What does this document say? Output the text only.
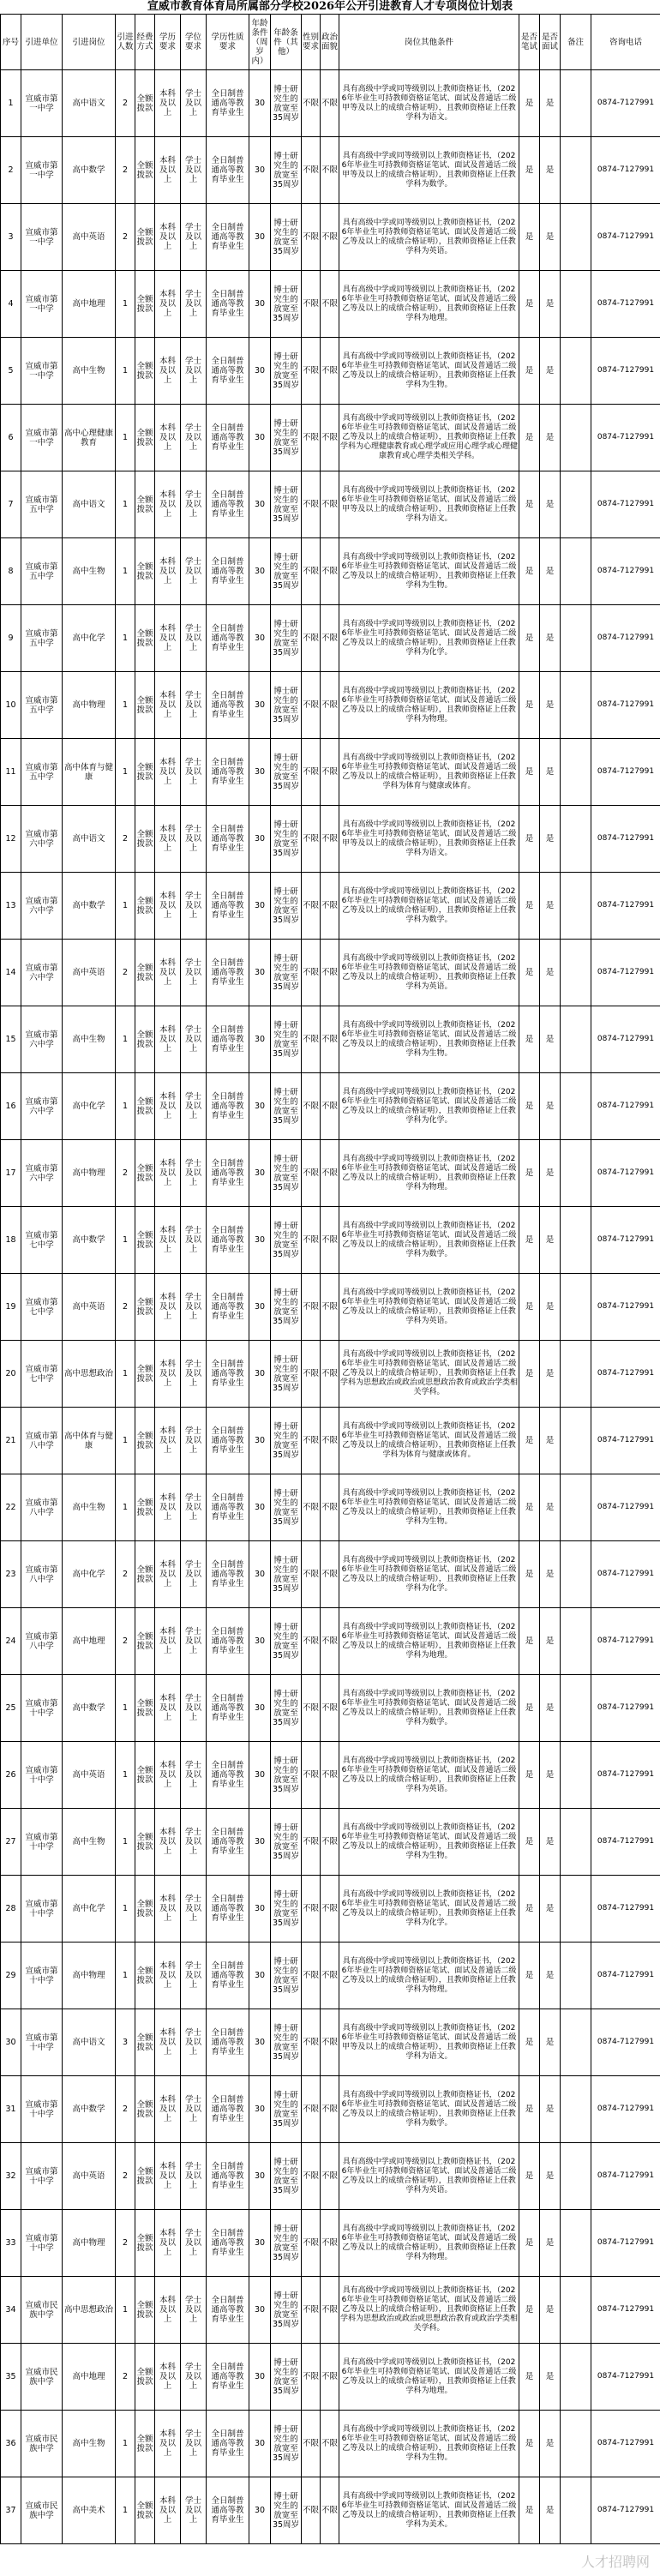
宣威市教育体育局所属部分学校2026年公开引进教育人才专项岗位计划表
序号	引进单位	引进岗位	引进人数	经费方式	学历要求	学位要求	学历性质要求	年龄条件（周岁内）	年龄条件（其他）	性别要求	政治面貌	岗位其他条件	是否笔试	是否面试	备注	咨询电话
1	宣威市第一中学	高中语文	2	全额拨款	本科及以上	学士及以上	全日制普通高等教育毕业生	30	博士研究生的放宽至35周岁	不限	不限	具有高级中学或同等级别以上教师资格证书，（2026年毕业生可持教师资格证笔试、面试及普通话二级甲等及以上的成绩合格证明），且教师资格证上任教学科为语文。	是	是		0874-7127991
2	宣威市第一中学	高中数学	2	全额拨款	本科及以上	学士及以上	全日制普通高等教育毕业生	30	博士研究生的放宽至35周岁	不限	不限	具有高级中学或同等级别以上教师资格证书，（2026年毕业生可持教师资格证笔试、面试及普通话二级甲等及以上的成绩合格证明），且教师资格证上任教学科为数学。	是	是		0874-7127991
3	宣威市第一中学	高中英语	2	全额拨款	本科及以上	学士及以上	全日制普通高等教育毕业生	30	博士研究生的放宽至35周岁	不限	不限	具有高级中学或同等级别以上教师资格证书，（2026年毕业生可持教师资格证笔试、面试及普通话二级乙等及以上的成绩合格证明），且教师资格证上任教学科为英语。	是	是		0874-7127991
4	宣威市第一中学	高中地理	1	全额拨款	本科及以上	学士及以上	全日制普通高等教育毕业生	30	博士研究生的放宽至35周岁	不限	不限	具有高级中学或同等级别以上教师资格证书，（2026年毕业生可持教师资格证笔试、面试及普通话二级乙等及以上的成绩合格证明），且教师资格证上任教学科为地理。	是	是		0874-7127991
5	宣威市第一中学	高中生物	1	全额拨款	本科及以上	学士及以上	全日制普通高等教育毕业生	30	博士研究生的放宽至35周岁	不限	不限	具有高级中学或同等级别以上教师资格证书，（2026年毕业生可持教师资格证笔试、面试及普通话二级乙等及以上的成绩合格证明），且教师资格证上任教学科为生物。	是	是		0874-7127991
6	宣威市第一中学	高中心理健康教育	1	全额拨款	本科及以上	学士及以上	全日制普通高等教育毕业生	30	博士研究生的放宽至35周岁	不限	不限	具有高级中学或同等级别以上教师资格证书，（2026年毕业生可持教师资格证笔试、面试及普通话二级乙等及以上的成绩合格证明），且教师资格证上任教学科为心理健康教育或心理学或应用心理学或心理健康教育或心理学类相关学科。	是	是		0874-7127991
7	宣威市第五中学	高中语文	1	全额拨款	本科及以上	学士及以上	全日制普通高等教育毕业生	30	博士研究生的放宽至35周岁	不限	不限	具有高级中学或同等级别以上教师资格证书，（2026年毕业生可持教师资格证笔试、面试及普通话二级甲等及以上的成绩合格证明），且教师资格证上任教学科为语文。	是	是		0874-7127991
8	宣威市第五中学	高中生物	1	全额拨款	本科及以上	学士及以上	全日制普通高等教育毕业生	30	博士研究生的放宽至35周岁	不限	不限	具有高级中学或同等级别以上教师资格证书，（2026年毕业生可持教师资格证笔试、面试及普通话二级乙等及以上的成绩合格证明），且教师资格证上任教学科为生物。	是	是		0874-7127991
9	宣威市第五中学	高中化学	1	全额拨款	本科及以上	学士及以上	全日制普通高等教育毕业生	30	博士研究生的放宽至35周岁	不限	不限	具有高级中学或同等级别以上教师资格证书，（2026年毕业生可持教师资格证笔试、面试及普通话二级乙等及以上的成绩合格证明），且教师资格证上任教学科为化学。	是	是		0874-7127991
10	宣威市第五中学	高中物理	1	全额拨款	本科及以上	学士及以上	全日制普通高等教育毕业生	30	博士研究生的放宽至35周岁	不限	不限	具有高级中学或同等级别以上教师资格证书，（2026年毕业生可持教师资格证笔试、面试及普通话二级乙等及以上的成绩合格证明），且教师资格证上任教学科为物理。	是	是		0874-7127991
11	宣威市第五中学	高中体育与健康	1	全额拨款	本科及以上	学士及以上	全日制普通高等教育毕业生	30	博士研究生的放宽至35周岁	不限	不限	具有高级中学或同等级别以上教师资格证书，（2026年毕业生可持教师资格证笔试、面试及普通话二级乙等及以上的成绩合格证明），且教师资格证上任教学科为体育与健康或体育。	是	是		0874-7127991
12	宣威市第六中学	高中语文	2	全额拨款	本科及以上	学士及以上	全日制普通高等教育毕业生	30	博士研究生的放宽至35周岁	不限	不限	具有高级中学或同等级别以上教师资格证书，（2026年毕业生可持教师资格证笔试、面试及普通话二级甲等及以上的成绩合格证明），且教师资格证上任教学科为语文。	是	是		0874-7127991
13	宣威市第六中学	高中数学	1	全额拨款	本科及以上	学士及以上	全日制普通高等教育毕业生	30	博士研究生的放宽至35周岁	不限	不限	具有高级中学或同等级别以上教师资格证书，（2026年毕业生可持教师资格证笔试、面试及普通话二级乙等及以上的成绩合格证明），且教师资格证上任教学科为数学。	是	是		0874-7127991
14	宣威市第六中学	高中英语	2	全额拨款	本科及以上	学士及以上	全日制普通高等教育毕业生	30	博士研究生的放宽至35周岁	不限	不限	具有高级中学或同等级别以上教师资格证书，（2026年毕业生可持教师资格证笔试、面试及普通话二级乙等及以上的成绩合格证明），且教师资格证上任教学科为英语。	是	是		0874-7127991
15	宣威市第六中学	高中生物	1	全额拨款	本科及以上	学士及以上	全日制普通高等教育毕业生	30	博士研究生的放宽至35周岁	不限	不限	具有高级中学或同等级别以上教师资格证书，（2026年毕业生可持教师资格证笔试、面试及普通话二级乙等及以上的成绩合格证明），且教师资格证上任教学科为生物。	是	是		0874-7127991
16	宣威市第六中学	高中化学	1	全额拨款	本科及以上	学士及以上	全日制普通高等教育毕业生	30	博士研究生的放宽至35周岁	不限	不限	具有高级中学或同等级别以上教师资格证书，（2026年毕业生可持教师资格证笔试、面试及普通话二级乙等及以上的成绩合格证明），且教师资格证上任教学科为化学。	是	是		0874-7127991
17	宣威市第六中学	高中物理	2	全额拨款	本科及以上	学士及以上	全日制普通高等教育毕业生	30	博士研究生的放宽至35周岁	不限	不限	具有高级中学或同等级别以上教师资格证书，（2026年毕业生可持教师资格证笔试、面试及普通话二级乙等及以上的成绩合格证明），且教师资格证上任教学科为物理。	是	是		0874-7127991
18	宣威市第七中学	高中数学	1	全额拨款	本科及以上	学士及以上	全日制普通高等教育毕业生	30	博士研究生的放宽至35周岁	不限	不限	具有高级中学或同等级别以上教师资格证书，（2026年毕业生可持教师资格证笔试、面试及普通话二级乙等及以上的成绩合格证明），且教师资格证上任教学科为数学。	是	是		0874-7127991
19	宣威市第七中学	高中英语	2	全额拨款	本科及以上	学士及以上	全日制普通高等教育毕业生	30	博士研究生的放宽至35周岁	不限	不限	具有高级中学或同等级别以上教师资格证书，（2026年毕业生可持教师资格证笔试、面试及普通话二级乙等及以上的成绩合格证明），且教师资格证上任教学科为英语。	是	是		0874-7127991
20	宣威市第七中学	高中思想政治	1	全额拨款	本科及以上	学士及以上	全日制普通高等教育毕业生	30	博士研究生的放宽至35周岁	不限	不限	具有高级中学或同等级别以上教师资格证书，（2026年毕业生可持教师资格证笔试、面试及普通话二级乙等及以上的成绩合格证明），且教师资格证上任教学科为思想政治或政治或思想政治教育或政治学类相关学科。	是	是		0874-7127991
21	宣威市第八中学	高中体育与健康	1	全额拨款	本科及以上	学士及以上	全日制普通高等教育毕业生	30	博士研究生的放宽至35周岁	不限	不限	具有高级中学或同等级别以上教师资格证书，（2026年毕业生可持教师资格证笔试、面试及普通话二级乙等及以上的成绩合格证明），且教师资格证上任教学科为体育与健康或体育。	是	是		0874-7127991
22	宣威市第八中学	高中生物	1	全额拨款	本科及以上	学士及以上	全日制普通高等教育毕业生	30	博士研究生的放宽至35周岁	不限	不限	具有高级中学或同等级别以上教师资格证书，（2026年毕业生可持教师资格证笔试、面试及普通话二级乙等及以上的成绩合格证明），且教师资格证上任教学科为生物。	是	是		0874-7127991
23	宣威市第八中学	高中化学	2	全额拨款	本科及以上	学士及以上	全日制普通高等教育毕业生	30	博士研究生的放宽至35周岁	不限	不限	具有高级中学或同等级别以上教师资格证书，（2026年毕业生可持教师资格证笔试、面试及普通话二级乙等及以上的成绩合格证明），且教师资格证上任教学科为化学。	是	是		0874-7127991
24	宣威市第八中学	高中地理	2	全额拨款	本科及以上	学士及以上	全日制普通高等教育毕业生	30	博士研究生的放宽至35周岁	不限	不限	具有高级中学或同等级别以上教师资格证书，（2026年毕业生可持教师资格证笔试、面试及普通话二级乙等及以上的成绩合格证明），且教师资格证上任教学科为地理。	是	是		0874-7127991
25	宣威市第十中学	高中数学	1	全额拨款	本科及以上	学士及以上	全日制普通高等教育毕业生	30	博士研究生的放宽至35周岁	不限	不限	具有高级中学或同等级别以上教师资格证书，（2026年毕业生可持教师资格证笔试、面试及普通话二级乙等及以上的成绩合格证明），且教师资格证上任教学科为数学。	是	是		0874-7127991
26	宣威市第十中学	高中英语	1	全额拨款	本科及以上	学士及以上	全日制普通高等教育毕业生	30	博士研究生的放宽至35周岁	不限	不限	具有高级中学或同等级别以上教师资格证书，（2026年毕业生可持教师资格证笔试、面试及普通话二级乙等及以上的成绩合格证明），且教师资格证上任教学科为英语。	是	是		0874-7127991
27	宣威市第十中学	高中生物	1	全额拨款	本科及以上	学士及以上	全日制普通高等教育毕业生	30	博士研究生的放宽至35周岁	不限	不限	具有高级中学或同等级别以上教师资格证书，（2026年毕业生可持教师资格证笔试、面试及普通话二级乙等及以上的成绩合格证明），且教师资格证上任教学科为生物。	是	是		0874-7127991
28	宣威市第十中学	高中化学	1	全额拨款	本科及以上	学士及以上	全日制普通高等教育毕业生	30	博士研究生的放宽至35周岁	不限	不限	具有高级中学或同等级别以上教师资格证书，（2026年毕业生可持教师资格证笔试、面试及普通话二级乙等及以上的成绩合格证明），且教师资格证上任教学科为化学。	是	是		0874-7127991
29	宣威市第十中学	高中物理	1	全额拨款	本科及以上	学士及以上	全日制普通高等教育毕业生	30	博士研究生的放宽至35周岁	不限	不限	具有高级中学或同等级别以上教师资格证书，（2026年毕业生可持教师资格证笔试、面试及普通话二级乙等及以上的成绩合格证明），且教师资格证上任教学科为物理。	是	是		0874-7127991
30	宣威市第十中学	高中语文	3	全额拨款	本科及以上	学士及以上	全日制普通高等教育毕业生	30	博士研究生的放宽至35周岁	不限	不限	具有高级中学或同等级别以上教师资格证书，（2026年毕业生可持教师资格证笔试、面试及普通话二级甲等及以上的成绩合格证明），且教师资格证上任教学科为语文。	是	是		0874-7127991
31	宣威市第十中学	高中数学	2	全额拨款	本科及以上	学士及以上	全日制普通高等教育毕业生	30	博士研究生的放宽至35周岁	不限	不限	具有高级中学或同等级别以上教师资格证书，（2026年毕业生可持教师资格证笔试、面试及普通话二级乙等及以上的成绩合格证明），且教师资格证上任教学科为数学。	是	是		0874-7127991
32	宣威市第十中学	高中英语	2	全额拨款	本科及以上	学士及以上	全日制普通高等教育毕业生	30	博士研究生的放宽至35周岁	不限	不限	具有高级中学或同等级别以上教师资格证书，（2026年毕业生可持教师资格证笔试、面试及普通话二级乙等及以上的成绩合格证明），且教师资格证上任教学科为英语。	是	是		0874-7127991
33	宣威市第十中学	高中物理	2	全额拨款	本科及以上	学士及以上	全日制普通高等教育毕业生	30	博士研究生的放宽至35周岁	不限	不限	具有高级中学或同等级别以上教师资格证书，（2026年毕业生可持教师资格证笔试、面试及普通话二级乙等及以上的成绩合格证明），且教师资格证上任教学科为物理。	是	是		0874-7127991
34	宣威市民族中学	高中思想政治	1	全额拨款	本科及以上	学士及以上	全日制普通高等教育毕业生	30	博士研究生的放宽至35周岁	不限	不限	具有高级中学或同等级别以上教师资格证书，（2026年毕业生可持教师资格证笔试、面试及普通话二级乙等及以上的成绩合格证明），且教师资格证上任教学科为思想政治或政治或思想政治教育或政治学类相关学科。	是	是		0874-7127991
35	宣威市民族中学	高中地理	2	全额拨款	本科及以上	学士及以上	全日制普通高等教育毕业生	30	博士研究生的放宽至35周岁	不限	不限	具有高级中学或同等级别以上教师资格证书，（2026年毕业生可持教师资格证笔试、面试及普通话二级乙等及以上的成绩合格证明），且教师资格证上任教学科为地理。	是	是		0874-7127991
36	宣威市民族中学	高中生物	1	全额拨款	本科及以上	学士及以上	全日制普通高等教育毕业生	30	博士研究生的放宽至35周岁	不限	不限	具有高级中学或同等级别以上教师资格证书，（2026年毕业生可持教师资格证笔试、面试及普通话二级乙等及以上的成绩合格证明），且教师资格证上任教学科为生物。	是	是		0874-7127991
37	宣威市民族中学	高中美术	1	全额拨款	本科及以上	学士及以上	全日制普通高等教育毕业生	30	博士研究生的放宽至35周岁	不限	不限	具有高级中学或同等级别以上教师资格证书，（2026年毕业生可持教师资格证笔试、面试及普通话二级乙等及以上的成绩合格证明），且教师资格证上任教学科为美术。	是	是		0874-7127991
人才招聘网
